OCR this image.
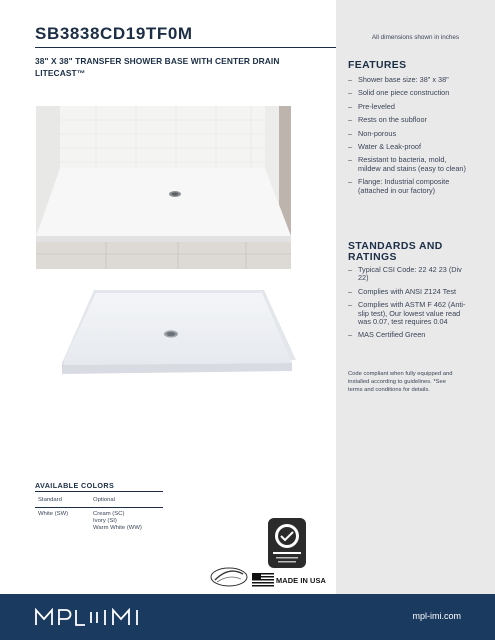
SB3838CD19TF0M	All dimensions shown in inches
38" X 38" TRANSFER SHOWER BASE WITH CENTER DRAIN
LITECAST™
FEATURES
– Shower base size: 38" x 38"
– Solid one piece construction
– Pre-leveled
– Rests on the subfloor
– Non-porous
– Water & Leak-proof
– Resistant to bacteria, mold, mildew and stains (easy to clean)
– Flange: Industrial composite (attached in our factory)
STANDARDS AND
RATINGS
– Typical CSI Code: 22 42 23 (Div 22)
– Complies with ANSI Z124 Test
– Complies with ASTM F 462 (Anti-slip test), Our lowest value read was 0.07, test requires 0.04
– MAS Certified Green
Code compliant when fully equipped and installed according to guidelines. *See terms and conditions for details.
AVAILABLE COLORS
Standard	Optional
White (SW)	Cream (SC)
Ivory (SI)
Warm White (WW)
MADE IN USA
mpl-imi.com
